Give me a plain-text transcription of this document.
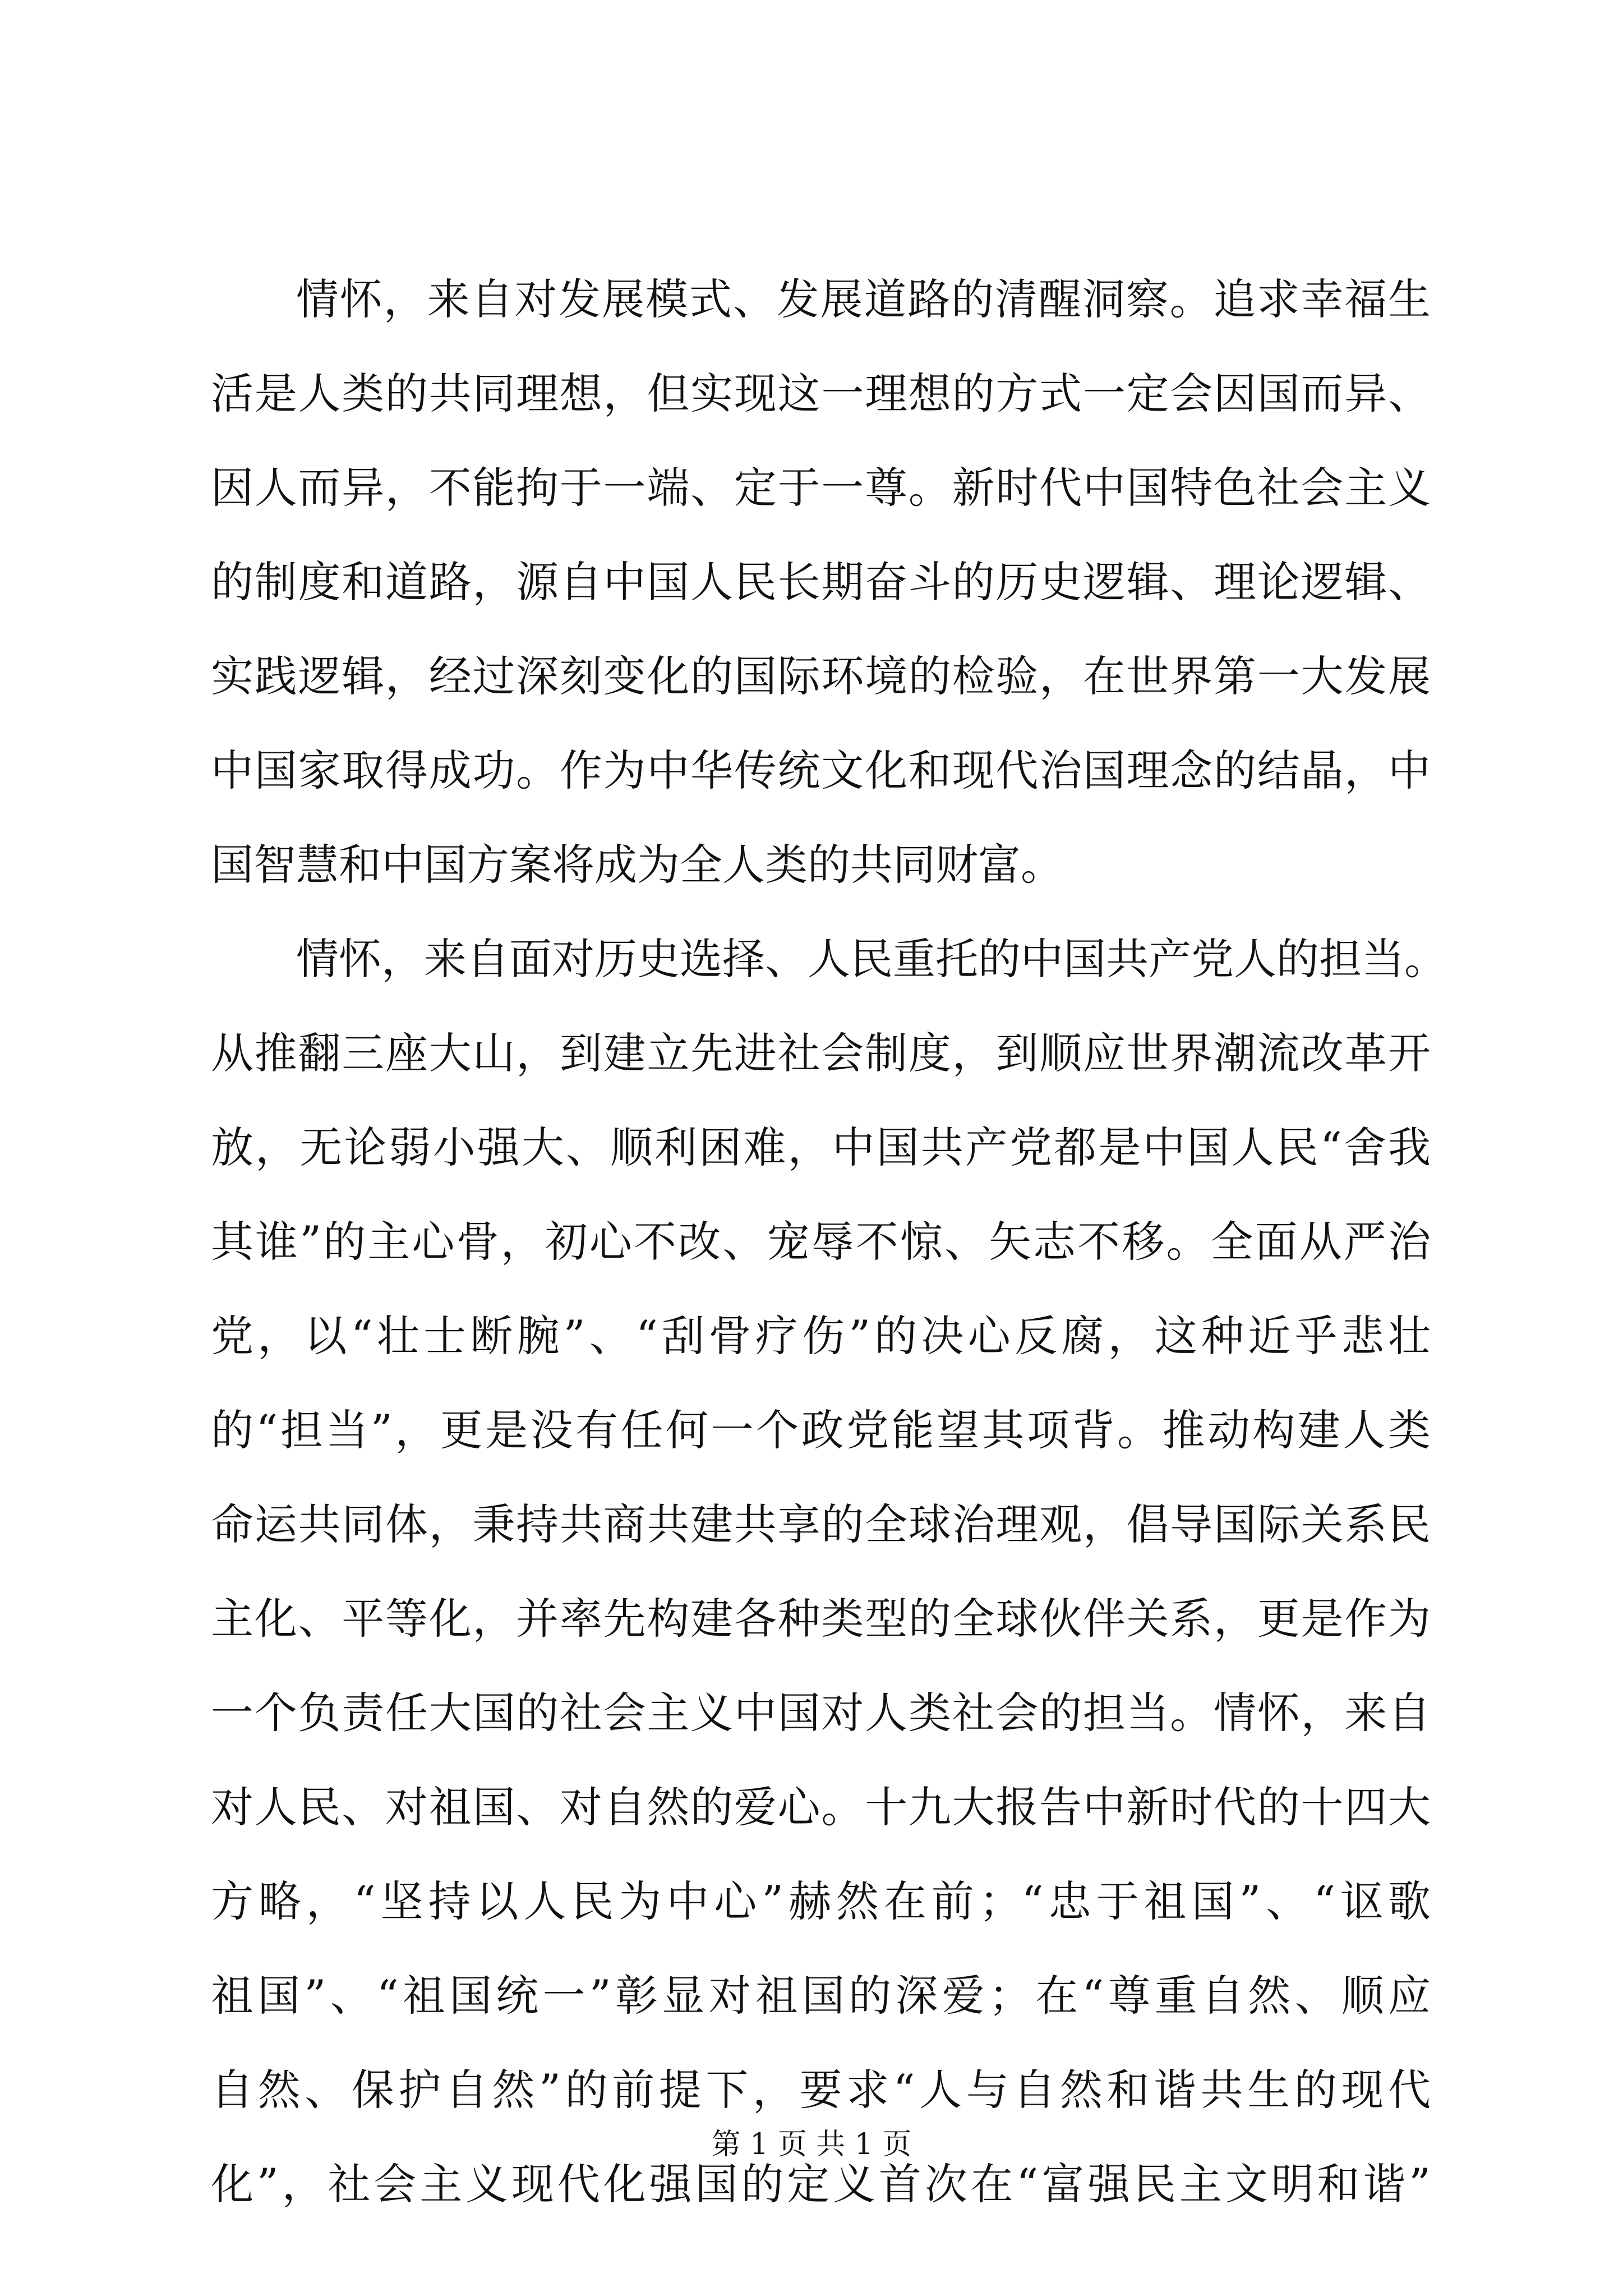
情怀，来自对发展模式、发展道路的清醒洞察。追求幸福生
活是人类的共同理想，但实现这一理想的方式一定会因国而异、
因人而异，不能拘于一端、定于一尊。新时代中国特色社会主义
的制度和道路，源自中国人民长期奋斗的历史逻辑、理论逻辑、
实践逻辑，经过深刻变化的国际环境的检验，在世界第一大发展
中国家取得成功。作为中华传统文化和现代治国理念的结晶，中
国智慧和中国方案将成为全人类的共同财富。
情怀，来自面对历史选择、人民重托的中国共产党人的担当。
从推翻三座大山，到建立先进社会制度，到顺应世界潮流改革开
放，无论弱小强大、顺利困难，中国共产党都是中国人民“舍我
其谁”的主心骨，初心不改、宠辱不惊、矢志不移。全面从严治
党，以“壮士断腕”、“刮骨疗伤”的决心反腐，这种近乎悲壮
的“担当”，更是没有任何一个政党能望其项背。推动构建人类
命运共同体，秉持共商共建共享的全球治理观，倡导国际关系民
主化、平等化，并率先构建各种类型的全球伙伴关系，更是作为
一个负责任大国的社会主义中国对人类社会的担当。情怀，来自
对人民、对祖国、对自然的爱心。十九大报告中新时代的十四大
方略，“坚持以人民为中心”赫然在前；“忠于祖国”、“讴歌
祖国”、“祖国统一”彰显对祖国的深爱；在“尊重自然、顺应
自然、保护自然”的前提下，要求“人与自然和谐共生的现代
化”，社会主义现代化强国的定义首次在“富强民主文明和谐”
第 1 页 共 1 页
